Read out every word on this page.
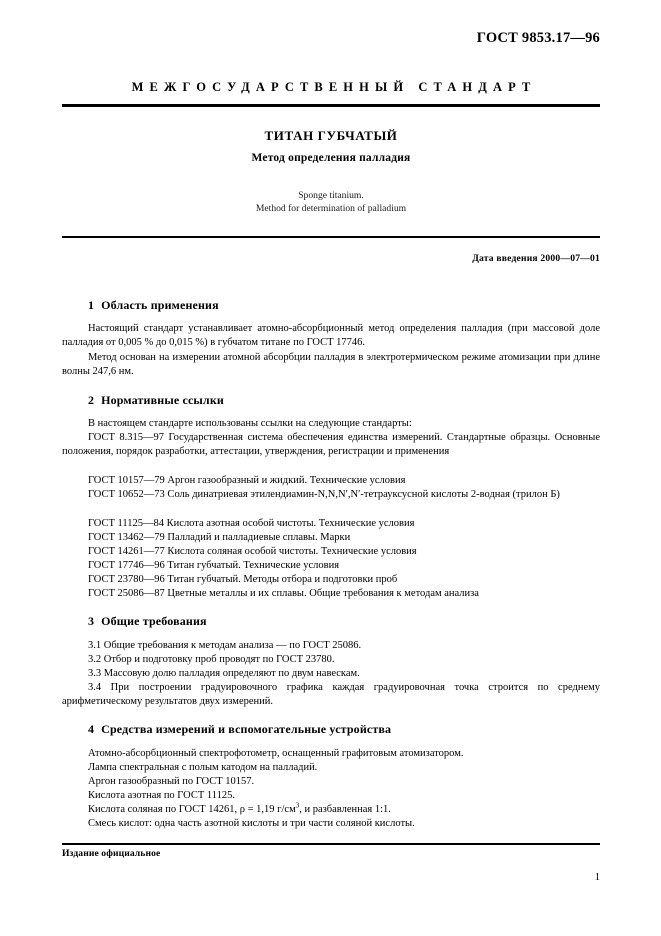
ГОСТ 9853.17—96
МЕЖГОСУДАРСТВЕННЫЙ СТАНДАРТ
ТИТАН ГУБЧАТЫЙ
Метод определения палладия
Sponge titanium.
Method for determination of palladium
Дата введения 2000—07—01
1 Область применения
Настоящий стандарт устанавливает атомно-абсорбционный метод определения палладия (при массовой доле палладия от 0,005 % до 0,015 %) в губчатом титане по ГОСТ 17746.
Метод основан на измерении атомной абсорбции палладия в электротермическом режиме атомизации при длине волны 247,6 нм.
2 Нормативные ссылки
В настоящем стандарте использованы ссылки на следующие стандарты:
ГОСТ 8.315—97 Государственная система обеспечения единства измерений. Стандартные образцы. Основные положения, порядок разработки, аттестации, утверждения, регистрации и применения
ГОСТ 10157—79 Аргон газообразный и жидкий. Технические условия
ГОСТ 10652—73 Соль динатриевая этилендиамин-N,N,N′,N′-тетрауксусной кислоты 2-водная (трилон Б)
ГОСТ 11125—84 Кислота азотная особой чистоты. Технические условия
ГОСТ 13462—79 Палладий и палладиевые сплавы. Марки
ГОСТ 14261—77 Кислота соляная особой чистоты. Технические условия
ГОСТ 17746—96 Титан губчатый. Технические условия
ГОСТ 23780—96 Титан губчатый. Методы отбора и подготовки проб
ГОСТ 25086—87 Цветные металлы и их сплавы. Общие требования к методам анализа
3 Общие требования
3.1 Общие требования к методам анализа — по ГОСТ 25086.
3.2 Отбор и подготовку проб проводят по ГОСТ 23780.
3.3 Массовую долю палладия определяют по двум навескам.
3.4 При построении градуировочного графика каждая градуировочная точка строится по среднему арифметическому результатов двух измерений.
4 Средства измерений и вспомогательные устройства
Атомно-абсорбционный спектрофотометр, оснащенный графитовым атомизатором.
Лампа спектральная с полым катодом на палладий.
Аргон газообразный по ГОСТ 10157.
Кислота азотная по ГОСТ 11125.
Кислота соляная по ГОСТ 14261, ρ = 1,19 $г/см^3$, и разбавленная 1:1.
Смесь кислот: одна часть азотной кислоты и три части соляной кислоты.
Издание официальное
1
